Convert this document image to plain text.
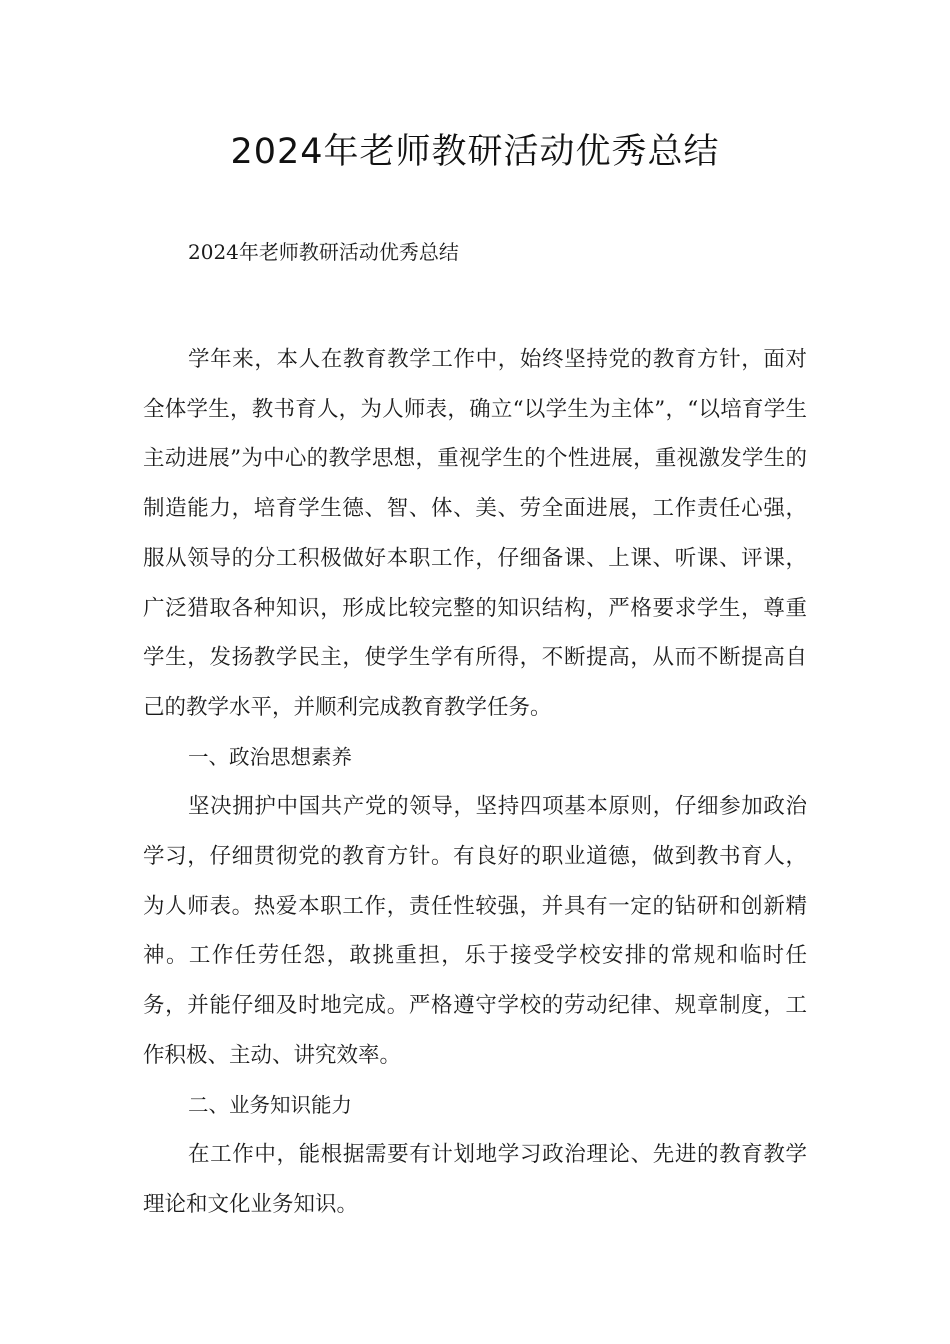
2024年老师教研活动优秀总结
2024年老师教研活动优秀总结

学年来，本人在教育教学工作中，始终坚持党的教育方针，面对全体学生，教书育人，为人师表，确立“以学生为主体”，“以培育学生主动进展”为中心的教学思想，重视学生的个性进展，重视激发学生的制造能力，培育学生德、智、体、美、劳全面进展，工作责任心强，服从领导的分工积极做好本职工作，仔细备课、上课、听课、评课，广泛猎取各种知识，形成比较完整的知识结构，严格要求学生，尊重学生，发扬教学民主，使学生学有所得，不断提高，从而不断提高自己的教学水平，并顺利完成教育教学任务。

一、政治思想素养

坚决拥护中国共产党的领导，坚持四项基本原则，仔细参加政治学习，仔细贯彻党的教育方针。有良好的职业道德，做到教书育人，为人师表。热爱本职工作，责任性较强，并具有一定的钻研和创新精神。工作任劳任怨，敢挑重担，乐于接受学校安排的常规和临时任务，并能仔细及时地完成。严格遵守学校的劳动纪律、规章制度，工作积极、主动、讲究效率。

二、业务知识能力

在工作中，能根据需要有计划地学习政治理论、先进的教育教学理论和文化业务知识。
